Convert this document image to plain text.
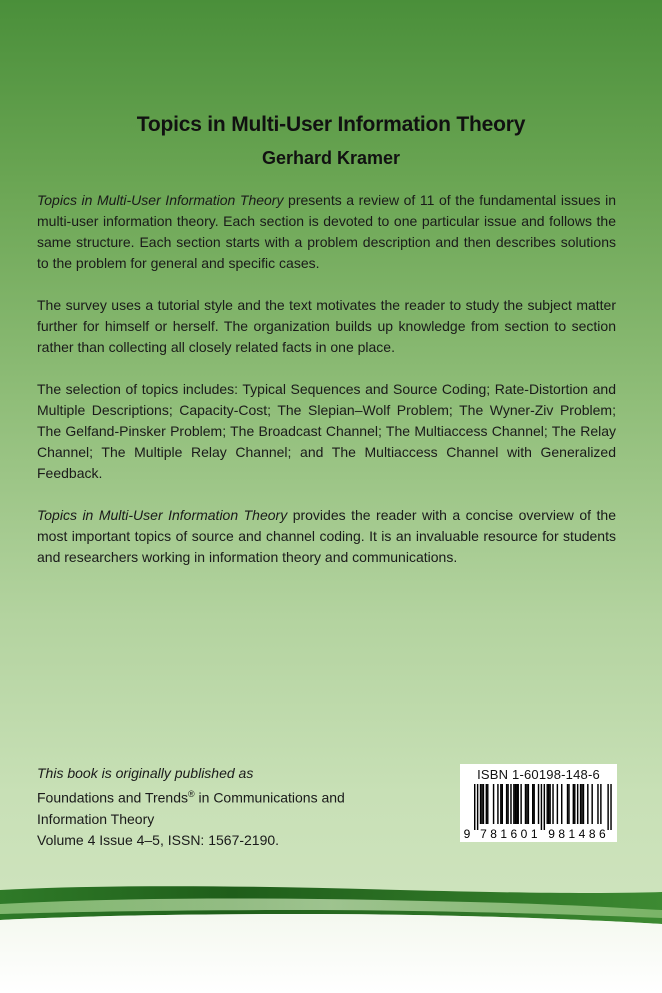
Topics in Multi-User Information Theory
Gerhard Kramer

Topics in Multi-User Information Theory presents a review of 11 of the fundamental issues in multi-user information theory. Each section is devoted to one particular issue and follows the same structure. Each section starts with a problem description and then describes solutions to the problem for general and specific cases.

The survey uses a tutorial style and the text motivates the reader to study the subject matter further for himself or herself. The organization builds up knowledge from section to section rather than collecting all closely related facts in one place.

The selection of topics includes: Typical Sequences and Source Coding; Rate-Distortion and Multiple Descriptions; Capacity-Cost; The Slepian–Wolf Problem; The Wyner-Ziv Problem; The Gelfand-Pinsker Problem; The Broadcast Channel; The Multiaccess Channel; The Relay Channel; The Multiple Relay Channel; and The Multiaccess Channel with Generalized Feedback.

Topics in Multi-User Information Theory provides the reader with a concise overview of the most important topics of source and channel coding. It is an invaluable resource for students and researchers working in information theory and communications.

This book is originally published as
Foundations and Trends® in Communications and
Information Theory
Volume 4 Issue 4–5, ISSN: 1567-2190.
ISBN 1-60198-148-6
9 7 8 1 6 0 1 9 8 1 4 8 6
